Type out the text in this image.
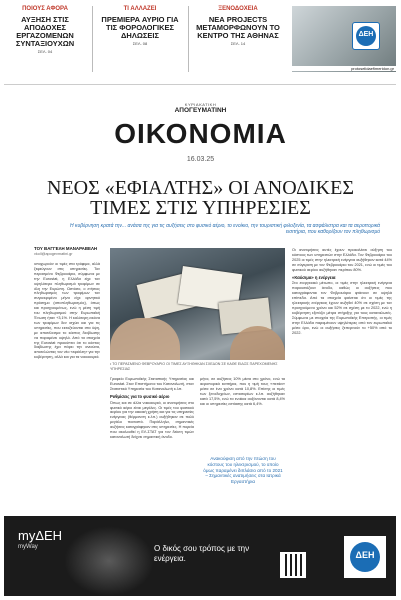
ΠΟΙΟΥΣ ΑΦΟΡΑ
ΑΥΞΗΣΗ ΣΤΙΣ ΑΠΟΔΟΧΕΣ ΕΡΓΑΖΟΜΕΝΩΝ ΣΥΝΤΑΞΙΟΥΧΩΝ
ΣΕΛ. 04
ΤΙ ΑΛΛΑΖΕΙ
ΠΡΕΜΙΕΡΑ ΑΥΡΙΟ ΓΙΑ ΤΙΣ ΦΟΡΟΛΟΓΙΚΕΣ ΔΗΛΩΣΕΙΣ
ΣΕΛ. 08
ΞΕΝΟΔΟΧΕΙΑ
ΝΕΑ PROJECTS ΜΕΤΑΜΟΡΦΩΝΟΥΝ ΤΟ ΚΕΝΤΡΟ ΤΗΣ ΑΘΗΝΑΣ
ΣΕΛ. 14
ΔΕΗ
protoselidaefimeridon.gr
ΚΥΡΙΑΚΑΤΙΚΗ
ΑΠΟΓΕΥΜΑΤΙΝΗ
ΟΙΚΟΝΟΜΙΑ
16.03.25
ΝΕΟΣ «ΕΦΙΑΛΤΗΣ» ΟΙ ΑΝΟΔΙΚΕΣ ΤΙΜΕΣ ΣΤΙΣ ΥΠΗΡΕΣΙΕΣ
Η κυβέρνηση κρατά την... ανάσα της για τις αυξήσεις στο φυσικό αέριο, το ενοίκιο, την τουριστική φιλοξενία, τα ασφάλιστρα και τα αεροπορικά εισιτήρια, που καθορίζουν τον πληθωρισμό
ΤΟΥ ΒΑΓΓΕΛΗ ΜΑΝΑΡΑΒΕΛΗ
vkoll@apogevmatini.gr

υποχωρούν οι τιμές στα τρόφιμα, αλλά ξεφεύγουν στις υπηρεσίες. Τον περασμένο Φεβρουάριο, σύμφωνα με την Eurostat, η Ελλάδα είχε τον υψηλότερο πληθωρισμό τροφίμων σε όλη την Ευρώπη. Ωστόσο, ο ετήσιος πληθωρισμός των τροφίμων τον συγκεκριμένο μήνα είχε αρνητικό πρόσημο (αποπληθωρισμός), όπως και προηγουμένως, ενώ η μέση τιμή του πληθωρισμού στην Ευρωπαϊκή Ένωση ήταν +3,1%. Η καλύτερη εικόνα των τροφίμων δεν ισχύει και για τις υπηρεσίες, που εκτοξεύονται στα ύψη, με αποτέλεσμα το κόστος διαβίωσης να παραμένει υψηλό. Από τα στοιχεία της Eurostat προκύπτει ότι το κόστος διαβίωσης έχει πάρει την ανιούσα, αποτελώντας τον νέο «εφιάλτη» για την κυβέρνηση, αλλά και για τα νοικοκυριά.

• ΤΟ ΠΕΡΑΣΜΕΝΟ ΦΕΒΡΟΥΑΡΙΟ ΟΙ ΤΙΜΕΣ ΑΥΞΗΘΗΚΑΝ ΣΧΕΔΟΝ ΣΕ ΚΑΘΕ ΕΙΔΟΣ ΠΑΡΕΧΟΜΕΝΗΣ ΥΠΗΡΕΣΙΑΣ

Γραφείο Ευρωπαϊκής Στατιστικής Υπηρεσίας και Eurostat. Στον Επιστήμονα του Καταναλωτή, στον Στατιστικό Υπηρεσία του Καταναλωτή κ.λπ.

Ρυθμίσεις για το φυσικό αέριο

Όπως και σε άλλα νοικοκυριά, οι ανατιμήσεις στο φυσικό αέριο είναι μεγάλες. Οι τιμές του φυσικού αερίου για την οικιακή χρήση και για τις υπηρεσίες ενέργειας (θέρμανση κ.λπ.) αυξήθηκαν σε πολύ μεγάλο ποσοστό. Παράλληλα, σημαντικές αυξήσεις καταγράφηκαν στις υπηρεσίες. Η πορεία που ακολουθεί η ΕΛ.ΣΤΑΤ για τον δείκτη τιμών καταναλωτή δείχνει σημαντική άνοδο.

μήνα, σε αυξήσεις 10% μέσα στο χρόνο, ενώ τα αεροπορικά εισιτήρια, που η τιμή τους «πετάει» μέσα σε ένα χρόνο κατά 10,8%. Επίσης οι τιμές των ξενοδοχείων, εστιατορίων κ.λπ. αυξήθηκαν κατά 17,5%, ενώ τα ενοίκια αυξάνονται κατά 8,4% και οι υπηρεσίες εστίασης κατά 6,4%.

Ανακούφιση από την πτώση του κόστους του ηλεκτρισμού, το οποίο όμως παραμένει διπλάσιο από το 2021 – Σημαντικές ανατιμήσεις στα Ιατρικά Εργαστήρια

Οι ανατιμήσεις αυτές έχουν προκαλέσει αύξηση του κόστους των υπηρεσιών στην Ελλάδα. Τον Φεβρουάριο του 2025 οι τιμές στην ηλεκτρική ενέργεια αυξήθηκαν κατά 44% σε σύγκριση με τον Φεβρουάριο του 2021, ενώ οι τιμές του φυσικού αερίου αυξήθηκαν περίπου 80%.

«Καύσιμα» η ενέργεια

Στο ενεργειακό μέτωπο, οι τιμές στην ηλεκτρική ενέργεια παρουσιάζουν άνοδο, καθώς οι αυξήσεις που καταγράφονται τον Φεβρουάριο φτάνουν σε υψηλά επίπεδα. Από τα στοιχεία φαίνεται ότι οι τιμές της ηλεκτρικής ενέργειας έχουν αυξηθεί 40% σε σχέση με τον προηγούμενο χρόνο και 52% σε σχέση με το 2022, ενώ η κυβέρνηση εξετάζει μέτρα στήριξης για τους καταναλωτές. Σύμφωνα με στοιχεία της Ευρωπαϊκής Επιτροπής, οι τιμές στην Ελλάδα παραμένουν υψηλότερες από τον ευρωπαϊκό μέσο όρο, ενώ οι αυξήσεις ξεπερνούν το +50% από το 2022.

myΔΕΗ
myWay	Ο δικός σου τρόπος με την ενέργεια.	ΔΕΗ
